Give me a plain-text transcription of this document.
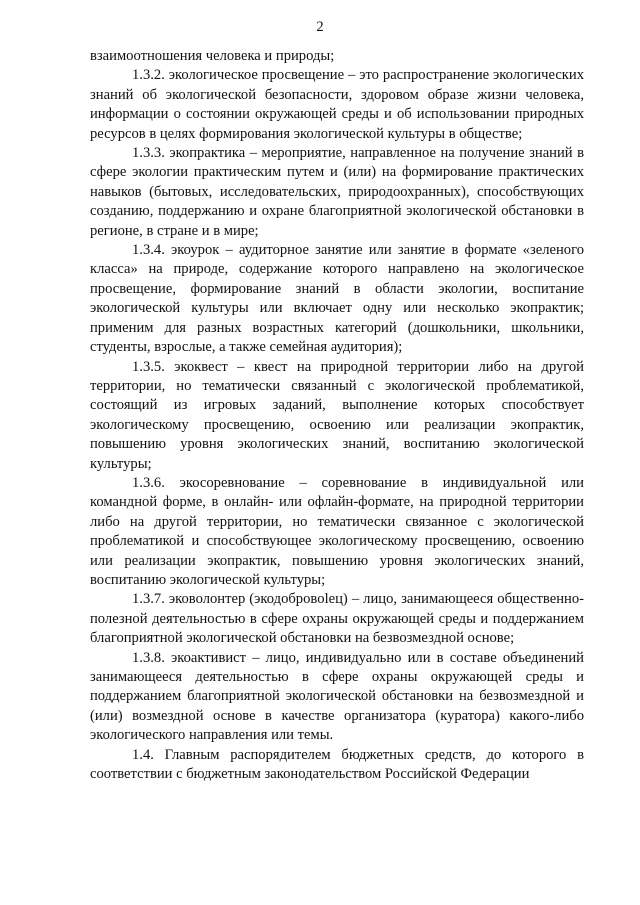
2

взаимоотношения человека и природы;

1.3.2. экологическое просвещение – это распространение экологических знаний об экологической безопасности, здоровом образе жизни человека, информации о состоянии окружающей среды и об использовании природных ресурсов в целях формирования экологической культуры в обществе;

1.3.3. экопрактика – мероприятие, направленное на получение знаний в сфере экологии практическим путем и (или) на формирование практических навыков (бытовых, исследовательских, природоохранных), способствующих созданию, поддержанию и охране благоприятной экологической обстановки в регионе, в стране и в мире;

1.3.4. экоурок – аудиторное занятие или занятие в формате «зеленого класса» на природе, содержание которого направлено на экологическое просвещение, формирование знаний в области экологии, воспитание экологической культуры или включает одну или несколько экопрактик; применим для разных возрастных категорий (дошкольники, школьники, студенты, взрослые, а также семейная аудитория);

1.3.5. экоквест – квест на природной территории либо на другой территории, но тематически связанный с экологической проблематикой, состоящий из игровых заданий, выполнение которых способствует экологическому просвещению, освоению или реализации экопрактик, повышению уровня экологических знаний, воспитанию экологической культуры;

1.3.6. экосоревнование – соревнование в индивидуальной или командной форме, в онлайн- или офлайн-формате, на природной территории либо на другой территории, но тематически связанное с экологической проблематикой и способствующее экологическому просвещению, освоению или реализации экопрактик, повышению уровня экологических знаний, воспитанию экологической культуры;

1.3.7. эковолонтер (экодобровolец) – лицо, занимающееся общественно-полезной деятельностью в сфере охраны окружающей среды и поддержанием благоприятной экологической обстановки на безвозмездной основе;

1.3.8. экоактивист – лицо, индивидуально или в составе объединений занимающееся деятельностью в сфере охраны окружающей среды и поддержанием благоприятной экологической обстановки на безвозмездной и (или) возмездной основе в качестве организатора (куратора) какого-либо экологического направления или темы.

1.4. Главным распорядителем бюджетных средств, до которого в соответствии с бюджетным законодательством Российской Федерации
